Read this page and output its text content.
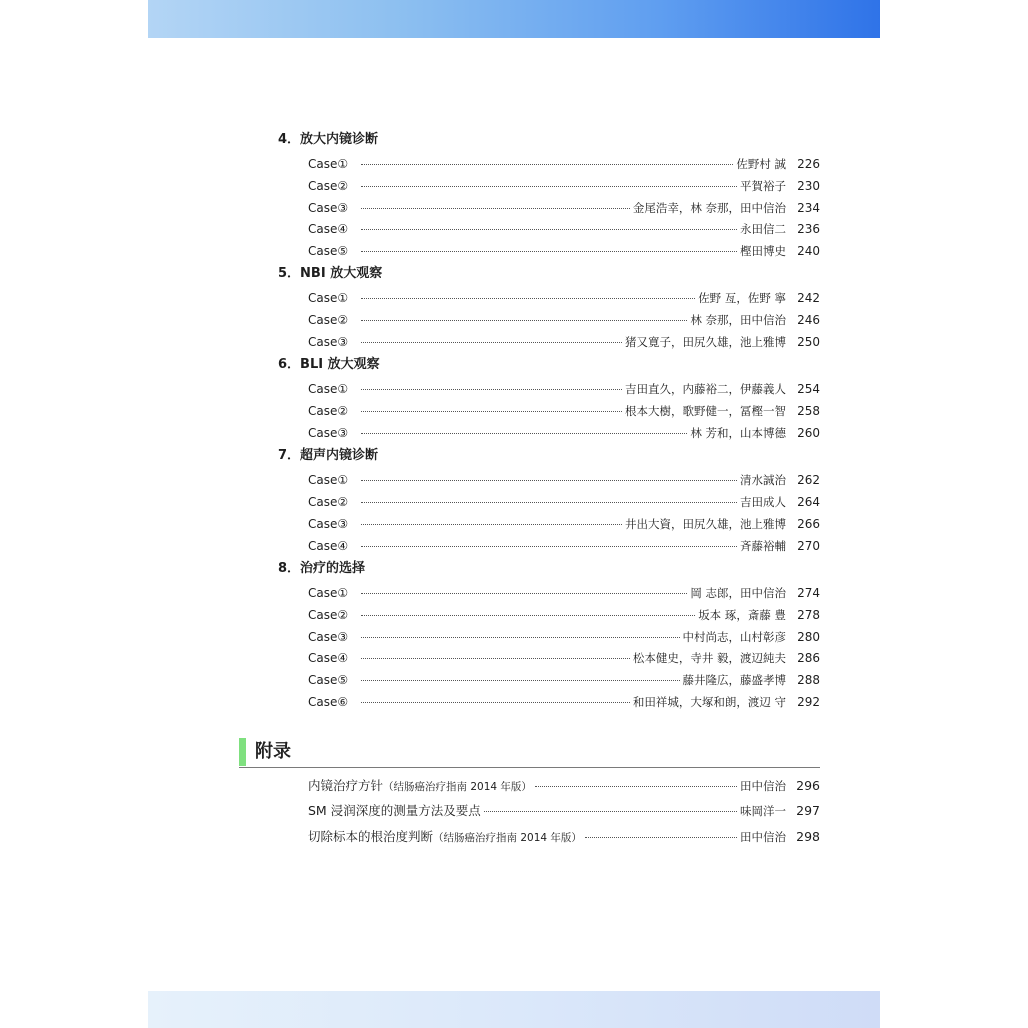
4．放大内镜诊断
Case①	佐野村 誠 226
Case②	平賀裕子 230
Case③	金尾浩幸，林 奈那，田中信治 234
Case④	永田信二 236
Case⑤	樫田博史 240
5．NBI 放大观察
Case①	佐野 亙，佐野 寧 242
Case②	林 奈那，田中信治 246
Case③	猪又寛子，田尻久雄，池上雅博 250
6．BLI 放大观察
Case①	吉田直久，内藤裕二，伊藤義人 254
Case②	根本大樹，歌野健一，冨樫一智 258
Case③	林 芳和，山本博德 260
7．超声内镜诊断
Case①	清水誠治 262
Case②	吉田成人 264
Case③	井出大資，田尻久雄，池上雅博 266
Case④	斉藤裕輔 270
8．治疗的选择
Case①	岡 志郎，田中信治 274
Case②	坂本 琢，斎藤 豊 278
Case③	中村尚志，山村彰彦 280
Case④	松本健史，寺井 毅，渡辺純夫 286
Case⑤	藤井隆広，藤盛孝博 288
Case⑥	和田祥城，大塚和朗，渡辺 守 292
附录
内镜治疗方针（结肠癌治疗指南 2014 年版）	田中信治 296
SM 浸润深度的测量方法及要点	味岡洋一 297
切除标本的根治度判断（结肠癌治疗指南 2014 年版）	田中信治 298
